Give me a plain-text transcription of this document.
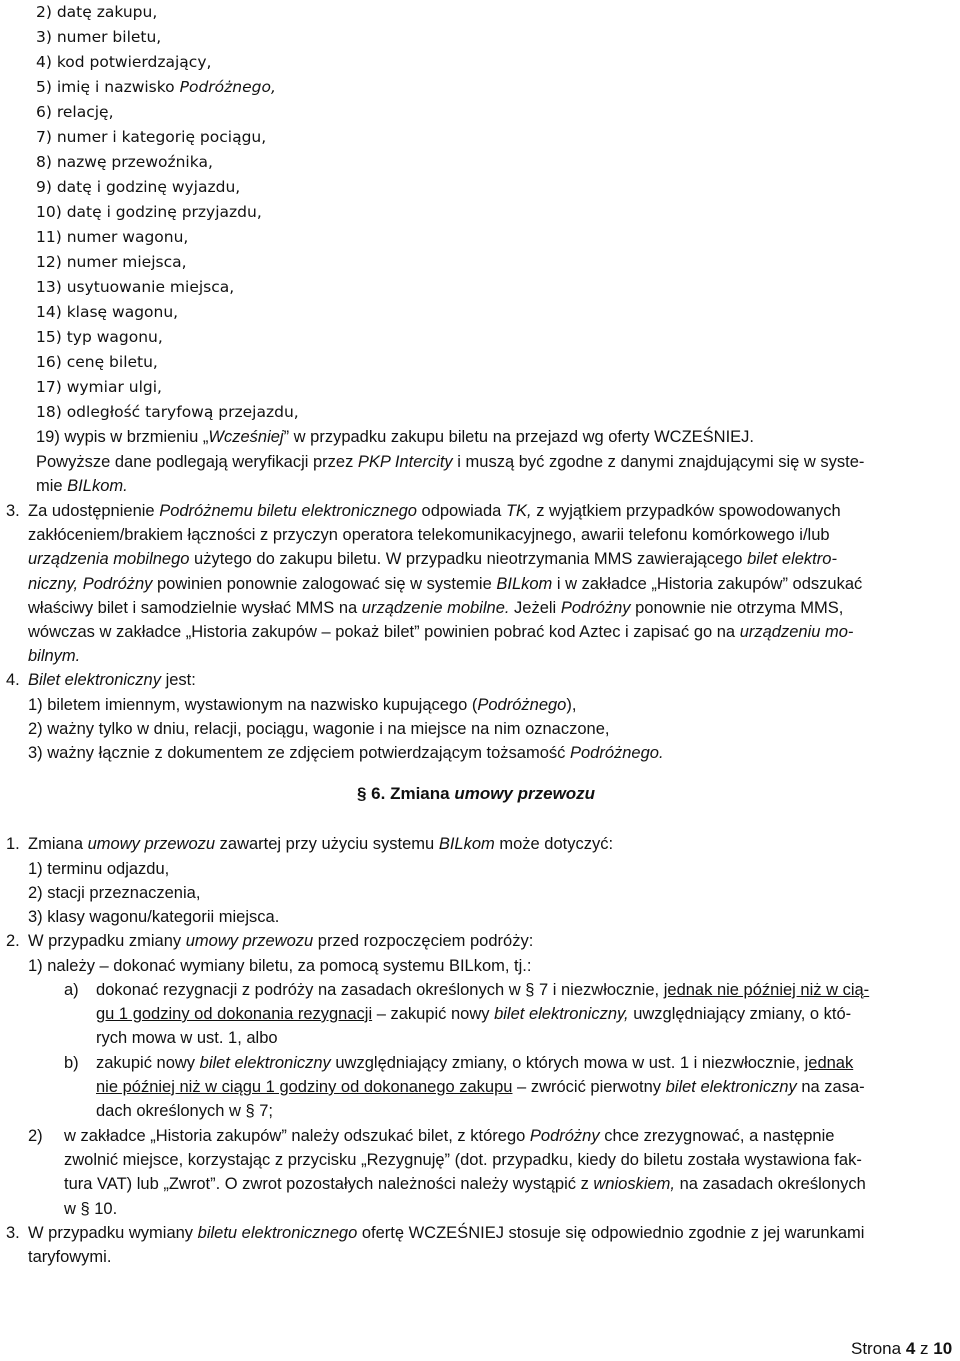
2) datę zakupu,
3) numer biletu,
4) kod potwierdzający,
5) imię i nazwisko Podróżnego,
6) relację,
7) numer i kategorię pociągu,
8) nazwę przewoźnika,
9) datę i godzinę wyjazdu,
10) datę i godzinę przyjazdu,
11) numer wagonu,
12) numer miejsca,
13) usytuowanie miejsca,
14) klasę wagonu,
15) typ wagonu,
16) cenę biletu,
17) wymiar ulgi,
18) odległość taryfową przejazdu,
19) wypis w brzmieniu „Wcześniej” w przypadku zakupu biletu na przejazd wg oferty WCZEŚNIEJ.
Powyższe dane podlegają weryfikacji przez PKP Intercity i muszą być zgodne z danymi znajdującymi się w syste-
mie BILkom.
3. Za udostępnienie Podróżnemu biletu elektronicznego odpowiada TK, z wyjątkiem przypadków spowodowanych
zakłóceniem/brakiem łączności z przyczyn operatora telekomunikacyjnego, awarii telefonu komórkowego i/lub
urządzenia mobilnego użytego do zakupu biletu. W przypadku nieotrzymania MMS zawierającego bilet elektro-
niczny, Podróżny powinien ponownie zalogować się w systemie BILkom i w zakładce „Historia zakupów” odszukać
właściwy bilet i samodzielnie wysłać MMS na urządzenie mobilne. Jeżeli Podróżny ponownie nie otrzyma MMS,
wówczas w zakładce „Historia zakupów – pokaż bilet” powinien pobrać kod Aztec i zapisać go na urządzeniu mo-
bilnym.
4. Bilet elektroniczny jest:
1) biletem imiennym, wystawionym na nazwisko kupującego (Podróżnego),
2) ważny tylko w dniu, relacji, pociągu, wagonie i na miejsce na nim oznaczone,
3) ważny łącznie z dokumentem ze zdjęciem potwierdzającym tożsamość Podróżnego.
§ 6. Zmiana umowy przewozu
1. Zmiana umowy przewozu zawartej przy użyciu systemu BILkom może dotyczyć:
1) terminu odjazdu,
2) stacji przeznaczenia,
3) klasy wagonu/kategorii miejsca.
2. W przypadku zmiany umowy przewozu przed rozpoczęciem podróży:
1) należy – dokonać wymiany biletu, za pomocą systemu BILkom, tj.:
a) dokonać rezygnacji z podróży na zasadach określonych w § 7 i niezwłocznie, jednak nie później niż w cią-
gu 1 godziny od dokonania rezygnacji – zakupić nowy bilet elektroniczny, uwzględniający zmiany, o któ-
rych mowa w ust. 1, albo
b) zakupić nowy bilet elektroniczny uwzględniający zmiany, o których mowa w ust. 1 i niezwłocznie, jednak
nie później niż w ciągu 1 godziny od dokonanego zakupu – zwrócić pierwotny bilet elektroniczny na zasa-
dach określonych w § 7;
2) w zakładce „Historia zakupów” należy odszukać bilet, z którego Podróżny chce zrezygnować, a następnie
zwolnić miejsce, korzystając z przycisku „Rezygnuję” (dot. przypadku, kiedy do biletu została wystawiona fak-
tura VAT) lub „Zwrot”. O zwrot pozostałych należności należy wystąpić z wnioskiem, na zasadach określonych
w § 10.
3. W przypadku wymiany biletu elektronicznego ofertę WCZEŚNIEJ stosuje się odpowiednio zgodnie z jej warunkami
taryfowymi.
Strona 4 z 10
